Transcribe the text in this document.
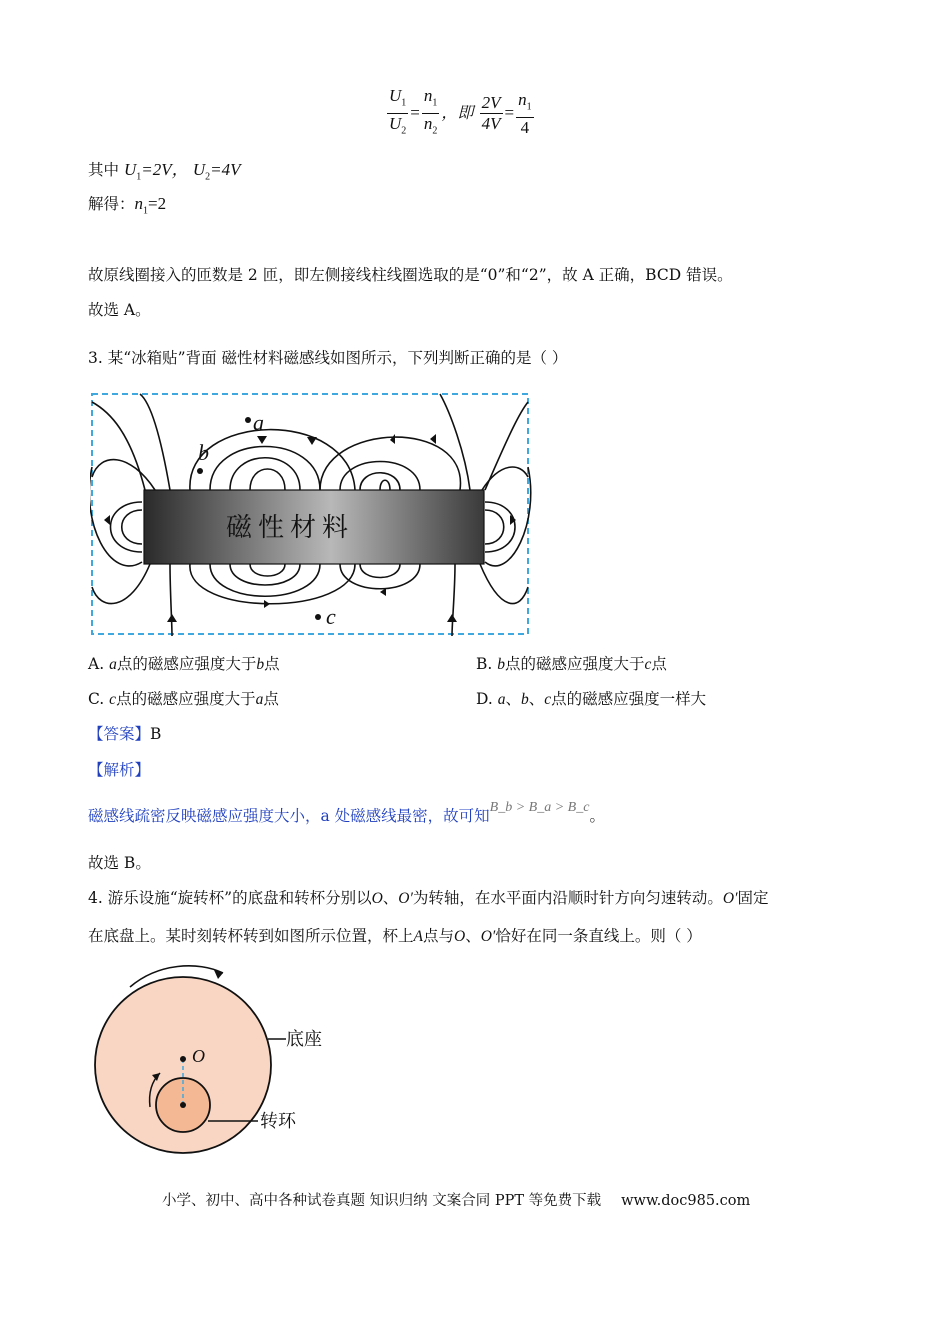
$\frac{U_1}{U_2} = \frac{n_1}{n_2}$ ，即 $\frac{2V}{4V} = \frac{n_1}{4}$
其中 $U_1=2V$， $U_2=4V$
解得：$n_1=2$
故原线圈接入的匝数是 2 匝，即左侧接线柱线圈选取的是“0”和“2”，故 A 正确，BCD 错误。
故选 A。
3. 某“冰箱贴”背面 磁性材料磁感线如图所示，下列判断正确的是（ ）
磁性材料
a
b
c
A. a点的磁感应强度大于b点	B. b点的磁感应强度大于c点
C. c点的磁感应强度大于a点	D. a、b、c点的磁感应强度一样大
【答案】B
【解析】
磁感线疏密反映磁感应强度大小，a 处磁感线最密，故可知B_b > B_a > B_c。
故选 B。
4. 游乐设施“旋转杯”的底盘和转杯分别以O、O′为转轴，在水平面内沿顺时针方向匀速转动。O′固定
在底盘上。某时刻转杯转到如图所示位置，杯上A点与O、O′恰好在同一条直线上。则（ ）
O
底座
转环
小学、初中、高中各种试卷真题 知识归纳 文案合同 PPT 等免费下载 www.doc985.com
